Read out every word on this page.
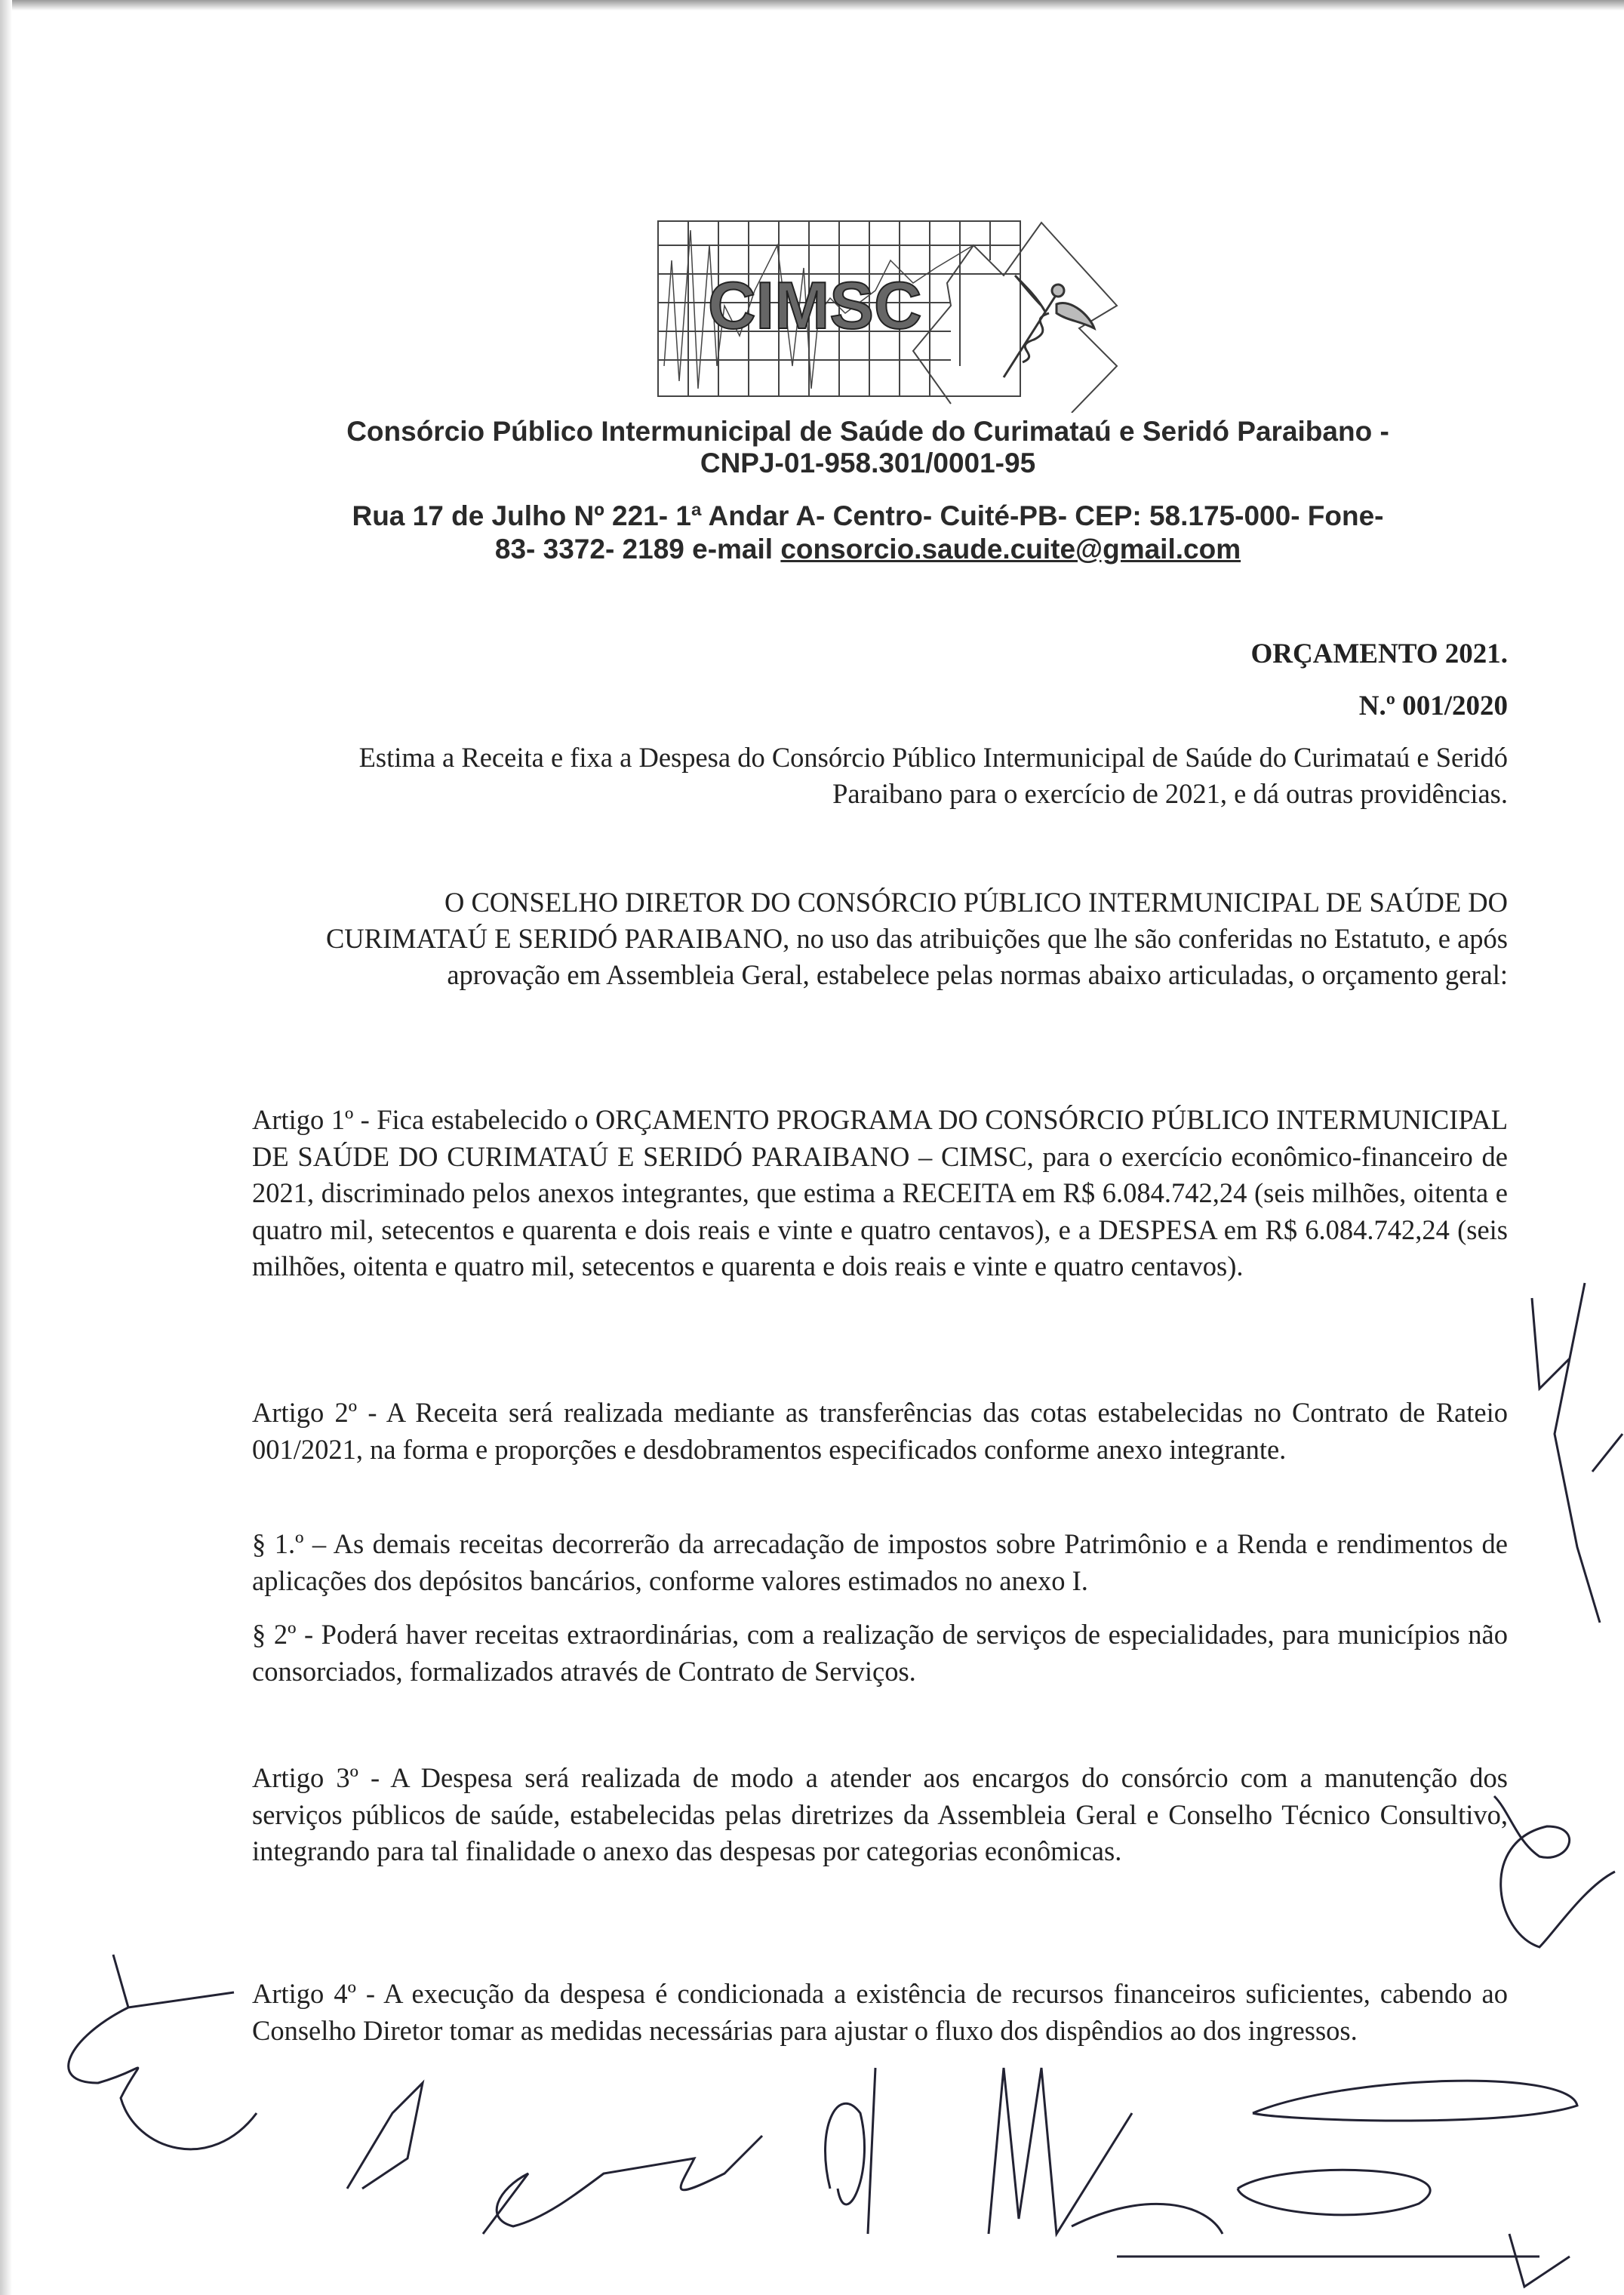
CIMSC
Consórcio Público Intermunicipal de Saúde do Curimataú e Seridó Paraibano -
CNPJ-01-958.301/0001-95
Rua 17 de Julho Nº 221- 1ª Andar A- Centro- Cuité-PB- CEP: 58.175-000- Fone-
83- 3372- 2189 e-mail consorcio.saude.cuite@gmail.com
ORÇAMENTO 2021.
N.º 001/2020
Estima a Receita e fixa a Despesa do Consórcio Público Intermunicipal de Saúde do Curimataú e Seridó Paraibano para o exercício de 2021, e dá outras providências.
O CONSELHO DIRETOR DO CONSÓRCIO PÚBLICO INTERMUNICIPAL DE SAÚDE DO CURIMATAÚ E SERIDÓ PARAIBANO, no uso das atribuições que lhe são conferidas no Estatuto, e após aprovação em Assembleia Geral, estabelece pelas normas abaixo articuladas, o orçamento geral:
Artigo 1º - Fica estabelecido o ORÇAMENTO PROGRAMA DO CONSÓRCIO PÚBLICO INTERMUNICIPAL DE SAÚDE DO CURIMATAÚ E SERIDÓ PARAIBANO – CIMSC, para o exercício econômico-financeiro de 2021, discriminado pelos anexos integrantes, que estima a RECEITA em R$ 6.084.742,24 (seis milhões, oitenta e quatro mil, setecentos e quarenta e dois reais e vinte e quatro centavos), e a DESPESA em R$ 6.084.742,24 (seis milhões, oitenta e quatro mil, setecentos e quarenta e dois reais e vinte e quatro centavos).
Artigo 2º - A Receita será realizada mediante as transferências das cotas estabelecidas no Contrato de Rateio 001/2021, na forma e proporções e desdobramentos especificados conforme anexo integrante.
§ 1.º – As demais receitas decorrerão da arrecadação de impostos sobre Patrimônio e a Renda e rendimentos de aplicações dos depósitos bancários, conforme valores estimados no anexo I.
§ 2º - Poderá haver receitas extraordinárias, com a realização de serviços de especialidades, para municípios não consorciados, formalizados através de Contrato de Serviços.
Artigo 3º - A Despesa será realizada de modo a atender aos encargos do consórcio com a manutenção dos serviços públicos de saúde, estabelecidas pelas diretrizes da Assembleia Geral e Conselho Técnico Consultivo, integrando para tal finalidade o anexo das despesas por categorias econômicas.
Artigo 4º - A execução da despesa é condicionada a existência de recursos financeiros suficientes, cabendo ao Conselho Diretor tomar as medidas necessárias para ajustar o fluxo dos dispêndios ao dos ingressos.
